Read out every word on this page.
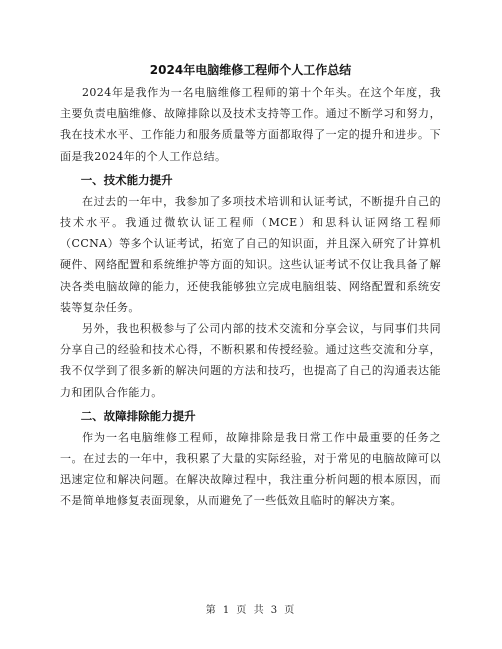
2024年电脑维修工程师个人工作总结

2024年是我作为一名电脑维修工程师的第十个年头。在这个年度，我主要负责电脑维修、故障排除以及技术支持等工作。通过不断学习和努力，我在技术水平、工作能力和服务质量等方面都取得了一定的提升和进步。下面是我2024年的个人工作总结。

一、技术能力提升

在过去的一年中，我参加了多项技术培训和认证考试，不断提升自己的技术水平。我通过微软认证工程师（MCE）和思科认证网络工程师（CCNA）等多个认证考试，拓宽了自己的知识面，并且深入研究了计算机硬件、网络配置和系统维护等方面的知识。这些认证考试不仅让我具备了解决各类电脑故障的能力，还使我能够独立完成电脑组装、网络配置和系统安装等复杂任务。

另外，我也积极参与了公司内部的技术交流和分享会议，与同事们共同分享自己的经验和技术心得，不断积累和传授经验。通过这些交流和分享，我不仅学到了很多新的解决问题的方法和技巧，也提高了自己的沟通表达能力和团队合作能力。

二、故障排除能力提升

作为一名电脑维修工程师，故障排除是我日常工作中最重要的任务之一。在过去的一年中，我积累了大量的实际经验，对于常见的电脑故障可以迅速定位和解决问题。在解决故障过程中，我注重分析问题的根本原因，而不是简单地修复表面现象，从而避免了一些低效且临时的解决方案。

第 1 页 共 3 页
